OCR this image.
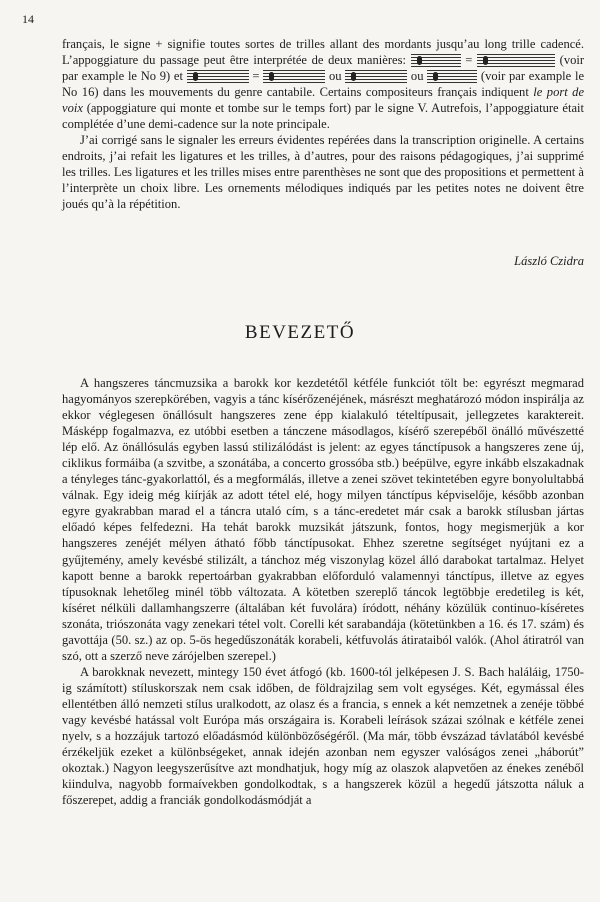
14

français, le signe + signifie toutes sortes de trilles allant des mordants jusqu’au long trille cadencé. L’appoggiature du passage peut être interprétée de deux manières:	=	(voir par example le No 9) et	=	ou	ou	(voir par example le No 16) dans les mouvements du genre cantabile. Certains compositeurs français indiquent le port de voix (appoggiature qui monte et tombe sur le temps fort) par le signe V. Autrefois, l’appoggiature était complétée d’une demi-cadence sur la note principale.

J’ai corrigé sans le signaler les erreurs évidentes repérées dans la transcription originelle. A certains endroits, j’ai refait les ligatures et les trilles, à d’autres, pour des raisons pédagogiques, j’ai supprimé les trilles. Les ligatures et les trilles mises entre parenthèses ne sont que des propositions et permettent à l’interprète un choix libre. Les ornements mélodiques indiqués par les petites notes ne doivent être joués qu’à la répétition.

László Czidra
BEVEZETŐ

A hangszeres táncmuzsika a barokk kor kezdetétől kétféle funkciót tölt be: egyrészt megmarad hagyományos szerepkörében, vagyis a tánc kísérőzenéjének, másrészt meghatározó módon inspirálja az ekkor véglegesen önállósult hangszeres zene épp kialakuló tételtípusait, jellegzetes karaktereit. Másképp fogalmazva, ez utóbbi esetben a tánczene másodlagos, kísérő szerepéből önálló művészetté lép elő. Az önállósulás egyben lassú stilizálódást is jelent: az egyes tánctípusok a hangszeres zene új, ciklikus formáiba (a szvitbe, a szonátába, a concerto grossóba stb.) beépülve, egyre inkább elszakadnak a tényleges tánc-gyakorlattól, és a megformálás, illetve a zenei szövet tekintetében egyre bonyolultabbá válnak. Egy ideig még kiírják az adott tétel elé, hogy milyen tánctípus képviselője, később azonban egyre gyakrabban marad el a táncra utaló cím, s a tánc-eredetet már csak a barokk stílusban jártas előadó képes felfedezni. Ha tehát barokk muzsikát játszunk, fontos, hogy megismerjük a kor hangszeres zenéjét mélyen átható főbb tánctípusokat. Ehhez szeretne segítséget nyújtani ez a gyűjtemény, amely kevésbé stilizált, a tánchoz még viszonylag közel álló darabokat tartalmaz. Helyet kapott benne a barokk repertoárban gyakrabban előforduló valamennyi tánctípus, illetve az egyes típusoknak lehetőleg minél több változata. A kötetben szereplő táncok legtöbbje eredetileg is két, kíséret nélküli dallamhangszerre (általában két fuvolára) íródott, néhány közülük continuo-kíséretes szonáta, triószonáta vagy zenekari tétel volt. Corelli két sarabandája (kötetünkben a 16. és 17. szám) és gavottája (50. sz.) az op. 5-ös hegedűszonáták korabeli, kétfuvolás átirataiból valók. (Ahol átiratról van szó, ott a szerző neve zárójelben szerepel.)

A barokknak nevezett, mintegy 150 évet átfogó (kb. 1600-tól jelképesen J. S. Bach haláláig, 1750-ig számított) stíluskorszak nem csak időben, de földrajzilag sem volt egységes. Két, egymással éles ellentétben álló nemzeti stílus uralkodott, az olasz és a francia, s ennek a két nemzetnek a zenéje többé vagy kevésbé hatással volt Európa más országaira is. Korabeli leírások százai szólnak e kétféle zenei nyelv, s a hozzájuk tartozó előadásmód különbözőségéről. (Ma már, több évszázad távlatából kevésbé érzékeljük ezeket a különbségeket, annak idején azonban nem egyszer valóságos zenei „háborút” okoztak.) Nagyon leegyszerűsítve azt mondhatjuk, hogy míg az olaszok alapvetően az énekes zenéből kiindulva, nagyobb formaívekben gondolkodtak, s a hangszerek közül a hegedű játszotta náluk a főszerepet, addig a franciák gondolkodásmódját a
